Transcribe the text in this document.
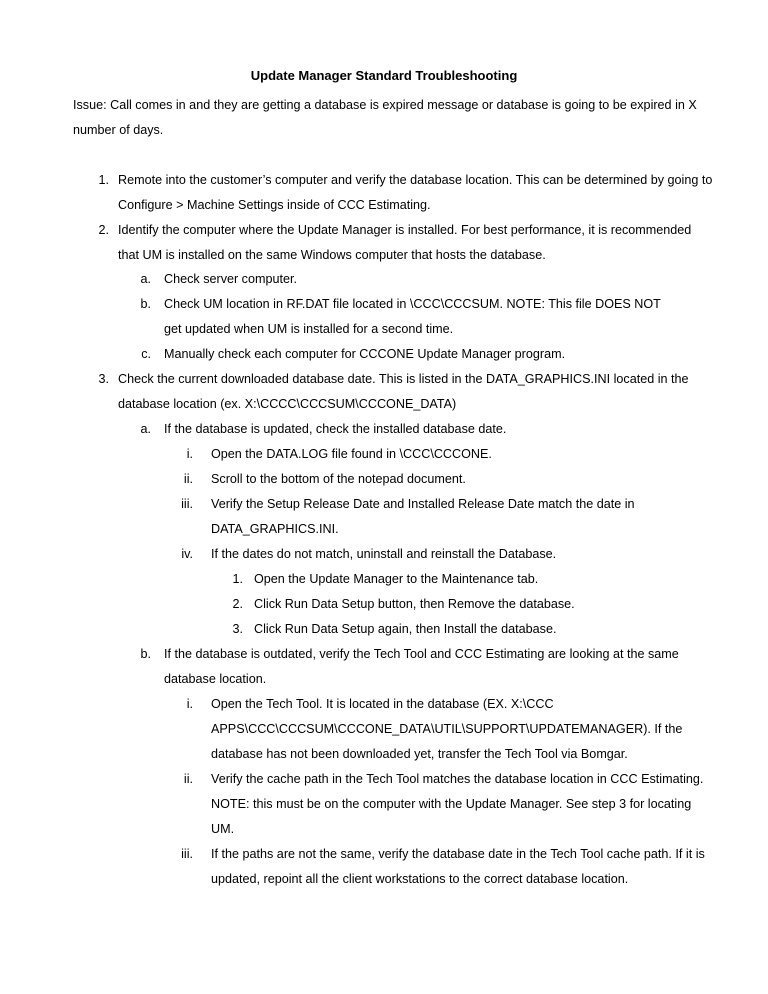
Update Manager Standard Troubleshooting
Issue: Call comes in and they are getting a database is expired message or database is going to be expired in X number of days.
1. Remote into the customer’s computer and verify the database location. This can be determined by going to Configure > Machine Settings inside of CCC Estimating.
2. Identify the computer where the Update Manager is installed. For best performance, it is recommended that UM is installed on the same Windows computer that hosts the database.
a. Check server computer.
b. Check UM location in RF.DAT file located in \CCC\CCCSUM. NOTE: This file DOES NOT get updated when UM is installed for a second time.
c. Manually check each computer for CCCONE Update Manager program.
3. Check the current downloaded database date. This is listed in the DATA_GRAPHICS.INI located in the database location (ex. X:\CCCC\CCCSUM\CCCONE_DATA)
a. If the database is updated, check the installed database date.
i. Open the DATA.LOG file found in \CCC\CCCONE.
ii. Scroll to the bottom of the notepad document.
iii. Verify the Setup Release Date and Installed Release Date match the date in DATA_GRAPHICS.INI.
iv. If the dates do not match, uninstall and reinstall the Database.
1. Open the Update Manager to the Maintenance tab.
2. Click Run Data Setup button, then Remove the database.
3. Click Run Data Setup again, then Install the database.
b. If the database is outdated, verify the Tech Tool and CCC Estimating are looking at the same database location.
i. Open the Tech Tool. It is located in the database (EX. X:\CCC APPS\CCC\CCCSUM\CCCONE_DATA\UTIL\SUPPORT\UPDATEMANAGER). If the database has not been downloaded yet, transfer the Tech Tool via Bomgar.
ii. Verify the cache path in the Tech Tool matches the database location in CCC Estimating. NOTE: this must be on the computer with the Update Manager. See step 3 for locating UM.
iii. If the paths are not the same, verify the database date in the Tech Tool cache path. If it is updated, repoint all the client workstations to the correct database location.
